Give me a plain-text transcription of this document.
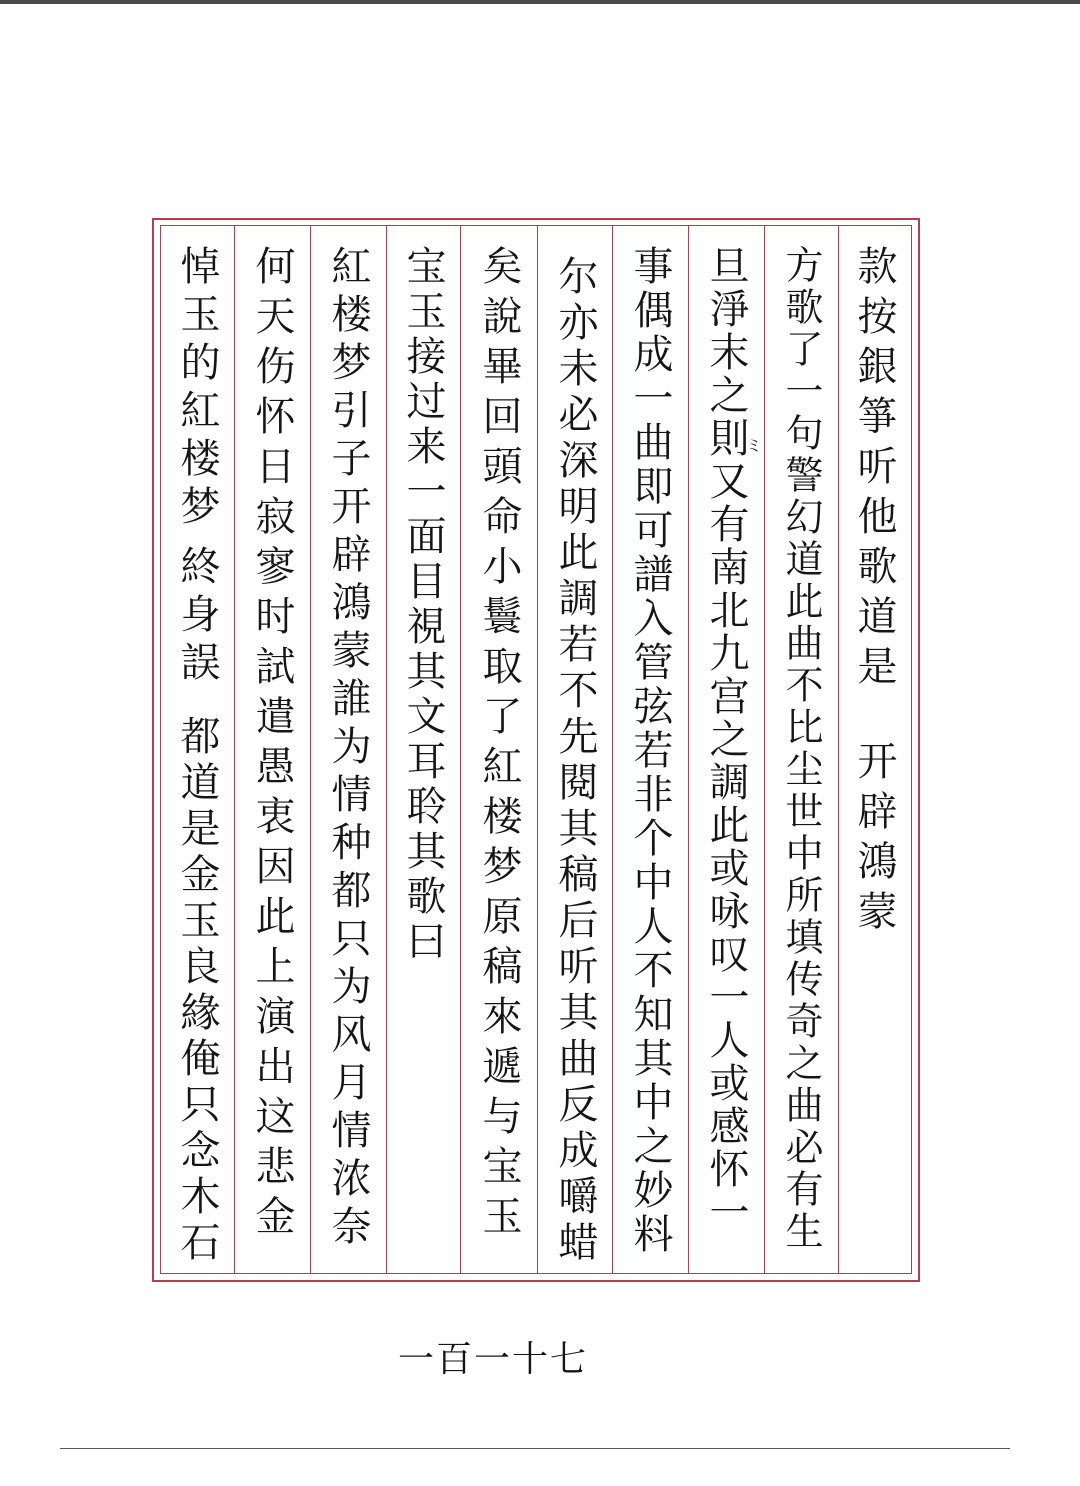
款按銀箏听他歌道是
开辟鴻蒙
方歌了一句警幻道此曲不比尘世中所填传奇之曲必有生
旦淨末之則又有南北九宫之調此或咏叹一人或感怀一
ミ
事偶成一曲即可譜入管弦若非个中人不知其中之妙料
尔亦未必深明此調若不先閱其稿后听其曲反成嚼蜡
矣說畢回頭命小鬟取了紅楼梦原稿來遞与宝玉
宝玉接过来一面目視其文耳聆其歌曰
紅楼梦引子开辟鴻蒙誰为情种都只为风月情浓奈
何天伤怀日寂寥时試遣愚衷因此上演出这悲金
悼玉的紅楼梦
終身誤
都道是金玉良緣俺只念木石
一百一十七
